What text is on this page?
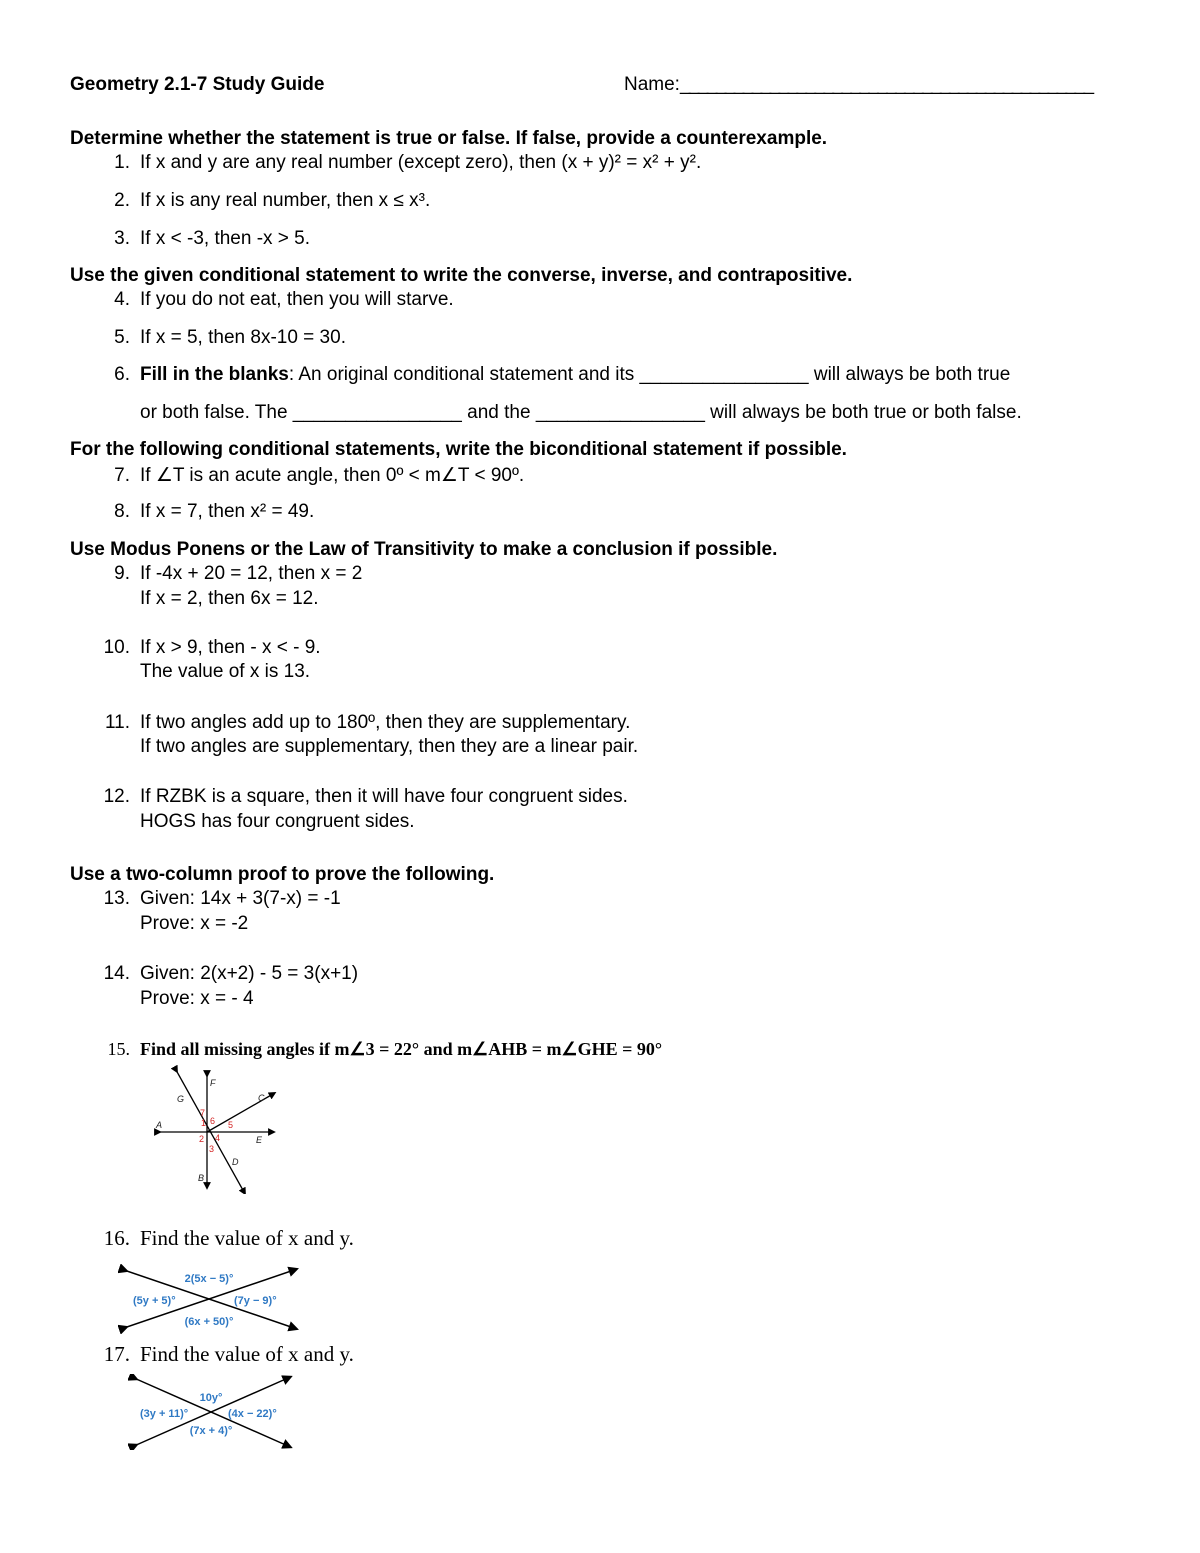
Geometry 2.1-7 Study Guide	Name:______________________________________________
Determine whether the statement is true or false. If false, provide a counterexample.
1. If x and y are any real number (except zero), then (x + y)² = x² + y².
2. If x is any real number, then x ≤ x³.
3. If x < -3, then -x > 5.
Use the given conditional statement to write the converse, inverse, and contrapositive.
4. If you do not eat, then you will starve.
5. If x = 5, then 8x-10 = 30.
6. Fill in the blanks: An original conditional statement and its ________________ will always be both true
or both false. The ________________ and the ________________ will always be both true or both false.
For the following conditional statements, write the biconditional statement if possible.
7. If ∠T is an acute angle, then 0º < m∠T < 90º.
8. If x = 7, then x² = 49.
Use Modus Ponens or the Law of Transitivity to make a conclusion if possible.
9. If -4x + 20 = 12, then x = 2
If x = 2, then 6x = 12.
10. If x > 9, then - x < - 9.
The value of x is 13.
11. If two angles add up to 180º, then they are supplementary.
If two angles are supplementary, then they are a linear pair.
12. If RZBK is a square, then it will have four congruent sides.
HOGS has four congruent sides.
Use a two-column proof to prove the following.
13. Given: 14x + 3(7-x) = -1
Prove: x = -2
14. Given: 2(x+2) - 5 = 3(x+1)
Prove: x = - 4
15. Find all missing angles if m∠3 = 22° and m∠AHB = m∠GHE = 90°
A
F
G	C
E
D
B
7
1 6 5
2 4
3
16. Find the value of x and y.
2(5x − 5)°
(5y + 5)°	(7y − 9)°
(6x + 50)°
17. Find the value of x and y.
10y°
(3y + 11)°	(4x − 22)°
(7x + 4)°
